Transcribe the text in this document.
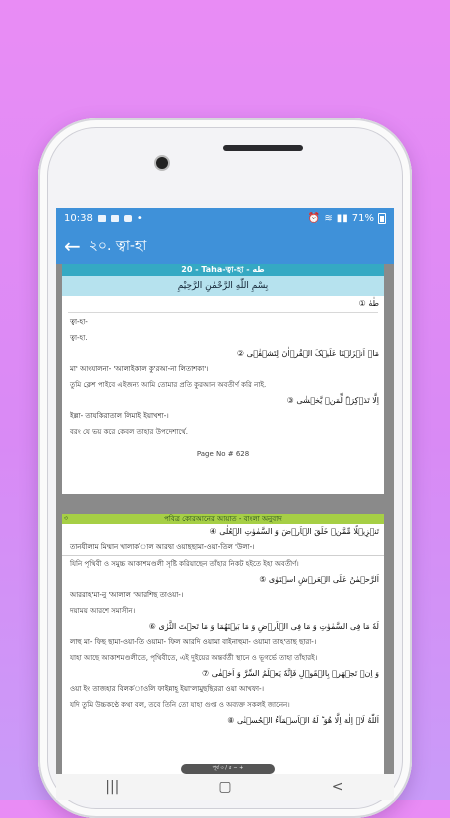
10:38	•	⏰ ≋ ▮▮ 71%
← ২০. ত্বা-হা
20 - Taha-ত্বা-হা - طه
بِسْمِ اللّٰهِ الرَّحْمٰنِ الرَّحِيْمِ
طٰهٰ ①
ত্বা-হা-
ত্বা-হা.
مَاۤ اَنۡزَلۡنَا عَلَیۡکَ الۡقُرۡاٰنَ لِتَشۡقٰۤی ②
মা' আংযালনা- 'আলাইকাল কু'রআ-না লিতাশকা'।
তুমি ক্লেশ পাইবে এইজন্য আমি তোমার প্রতি কুরআন অবতীর্ণ করি নাই.
اِلَّا تَذۡکِرَۃً لِّمَنۡ یَّخۡشٰی ③
ইল্লা- তাযকিরাতাল লিমাই ইয়াখশা-।
বরং যে ভয় করে কেবল তাহার উপদেশার্থে.
Page No # 628
৩	পবিত্র কোরআনের আয়াত - বাংলা অনুবাদ
تَنۡزِیۡلًا مِّمَّنۡ خَلَقَ الۡاَرۡضَ وَ السَّمٰوٰتِ الۡعُلٰی ④
তানযীলাম মিম্মান খালাক'াল আরদ্বা ওয়াছছামা-ওয়া-তিল 'উলা-।
যিনি পৃথিবী ও সমুচ্চ আকাশমণ্ডলী সৃষ্টি করিয়াছেন তাঁহার নিকট হইতে ইহা অবতীর্ণ।
اَلرَّحۡمٰنُ عَلَی الۡعَرۡشِ اسۡتَوٰی ⑤
আররাহ'মা-নু 'আলাল 'আরশিছ তাওয়া-।
দয়াময় আরশে সমাসীন।
لَهٗ مَا فِی السَّمٰوٰتِ وَ مَا فِی الۡاَرۡضِ وَ مَا بَیۡنَهُمَا وَ مَا تَحۡتَ الثَّرٰی ⑥
লাহু মা- ফিছ ছামা-ওয়া-তি ওয়ামা- ফিল আরদি ওয়ামা বাইনাহুমা- ওয়ামা তাহ'তাছ ছারা-।
যাহা আছে আকাশমণ্ডলীতে, পৃথিবীতে, এই দুইয়ের অন্তর্বর্তী স্থানে ও ভূগর্ভে তাহা তাঁহারই।
وَ اِنۡ تَجۡهَرۡ بِالۡقَوۡلِ فَاِنَّهٗ یَعۡلَمُ السِّرَّ وَ اَخۡفٰی ⑦
ওয়া ইং তাজহার বিলক'াওলি ফাইন্নাহূ ইয়া'লামুছছিররা ওয়া আখফা-।
যদি তুমি উচ্চকণ্ঠে কথা বল, তবে তিনি তো যাহা গুপ্ত ও অব্যক্ত সকলই জানেন।
اَللّٰهُ لَاۤ اِلٰهَ اِلَّا هُوَ ؕ لَهُ الۡاَسۡمَآءُ الۡحُسۡنٰی ⑧
পূর্ব ৩ / ৫ − +
|||	▢	<
